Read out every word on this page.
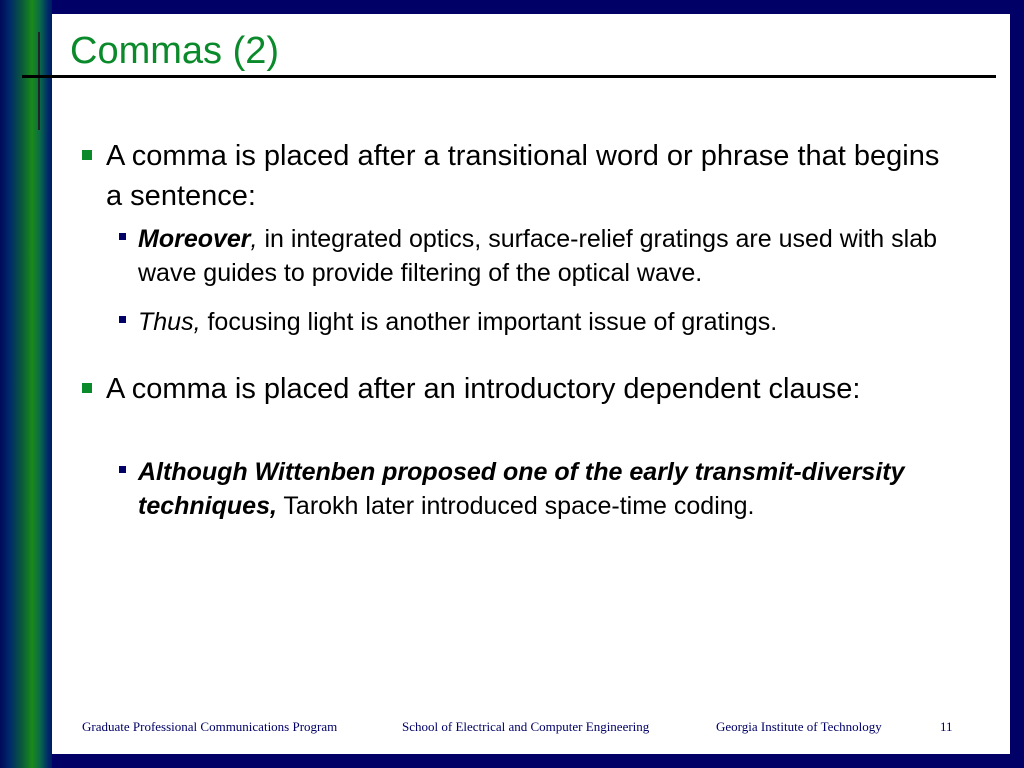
Commas (2)
A comma is placed after a transitional word or phrase that begins a sentence:
Moreover, in integrated optics, surface-relief gratings are used with slab wave guides to provide filtering of the optical wave.
Thus, focusing light is another important issue of gratings.
A comma is placed after an introductory dependent clause:
Although Wittenben proposed one of the early transmit-diversity techniques, Tarokh later introduced space-time coding.
Graduate Professional Communications Program	School of Electrical and Computer Engineering	Georgia Institute of Technology	11
